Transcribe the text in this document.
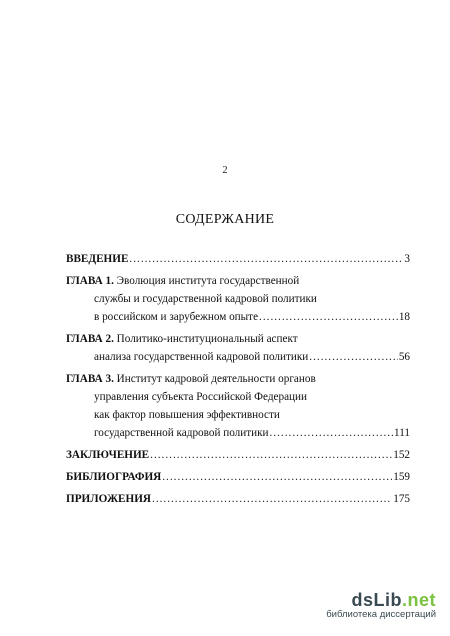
2
СОДЕРЖАНИЕ
ВВЕДЕНИЕ .....	3
ГЛАВА 1. Эволюция института государственной
службы и государственной кадровой политики
в российском и зарубежном опыте .....	18
ГЛАВА 2. Политико-институциональный аспект
анализа государственной кадровой политики .....	56
ГЛАВА 3. Институт кадровой деятельности органов
управления субъекта Российской Федерации
как фактор повышения эффективности
государственной кадровой политики .....	111
ЗАКЛЮЧЕНИЕ .....	152
БИБЛИОГРАФИЯ .....	159
ПРИЛОЖЕНИЯ .....	175
dsLib.net
библиотека диссертаций
